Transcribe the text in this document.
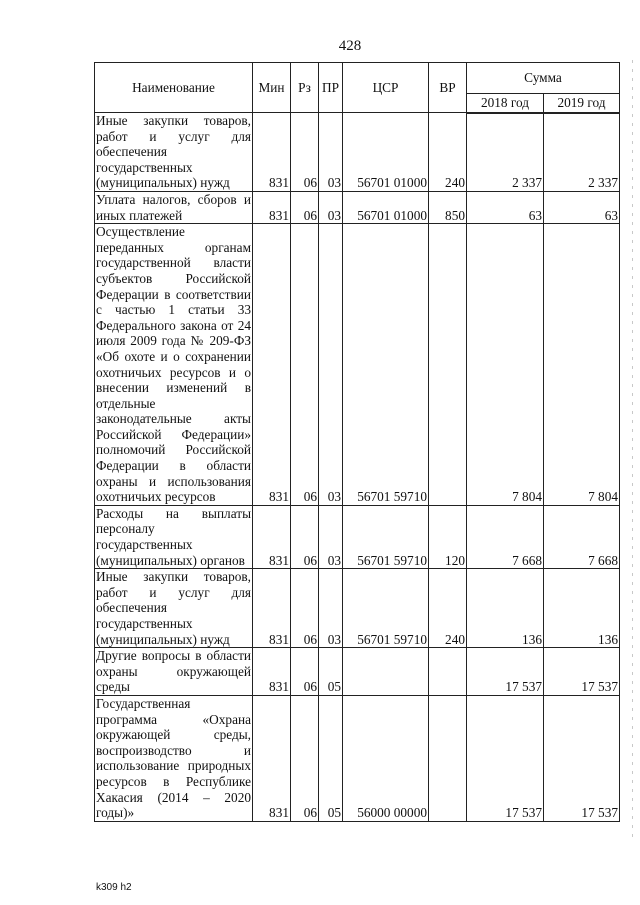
428
Наименование	Мин	Рз	ПР	ЦСР	ВР	Сумма	
						2018 год	2019 год
Иные закупки товаров, работ и услуг для обеспечения государственных (муниципальных) нужд	831	06	03	56701 01000	240	2 337	2 337
Уплата налогов, сборов и иных платежей	831	06	03	56701 01000	850	63	63
Осуществление переданных органам государственной власти субъектов Российской Федерации в соответствии с частью 1 статьи 33 Федерального закона от 24 июля 2009 года № 209-ФЗ «Об охоте и о сохранении охотничьих ресурсов и о внесении изменений в отдельные законодательные акты Российской Федерации» полномочий Российской Федерации в области охраны и использования охотничьих ресурсов	831	06	03	56701 59710		7 804	7 804
Расходы на выплаты персоналу государственных (муниципальных) органов	831	06	03	56701 59710	120	7 668	7 668
Иные закупки товаров, работ и услуг для обеспечения государственных (муниципальных) нужд	831	06	03	56701 59710	240	136	136
Другие вопросы в области охраны окружающей среды	831	06	05			17 537	17 537
Государственная программа «Охрана окружающей среды, воспроизводство и использование природных ресурсов в Республике Хакасия (2014 – 2020 годы)»	831	06	05	56000 00000		17 537	17 537
k309 h2
